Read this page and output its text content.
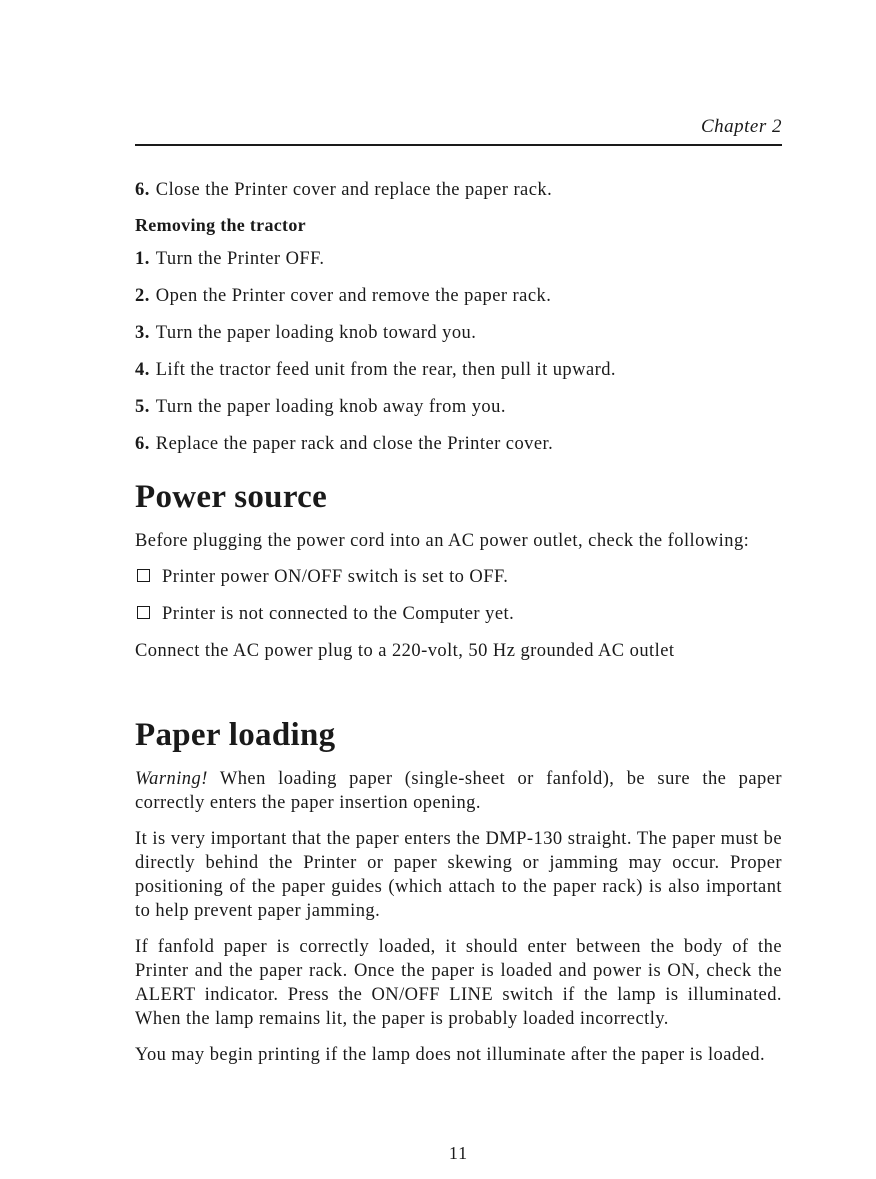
Chapter 2
6. Close the Printer cover and replace the paper rack.
Removing the tractor
1. Turn the Printer OFF.
2. Open the Printer cover and remove the paper rack.
3. Turn the paper loading knob toward you.
4. Lift the tractor feed unit from the rear, then pull it upward.
5. Turn the paper loading knob away from you.
6. Replace the paper rack and close the Printer cover.
Power source

Before plugging the power cord into an AC power outlet, check the following:

Printer power ON/OFF switch is set to OFF.
Printer is not connected to the Computer yet.

Connect the AC power plug to a 220-volt, 50 Hz grounded AC outlet

Paper loading

Warning! When loading paper (single-sheet or fanfold), be sure the paper correctly enters the paper insertion opening.

It is very important that the paper enters the DMP-130 straight. The paper must be directly behind the Printer or paper skewing or jamming may occur. Proper positioning of the paper guides (which attach to the paper rack) is also important to help prevent paper jamming.

If fanfold paper is correctly loaded, it should enter between the body of the Printer and the paper rack. Once the paper is loaded and power is ON, check the ALERT indicator. Press the ON/OFF LINE switch if the lamp is illuminated. When the lamp remains lit, the paper is probably loaded incorrectly.

You may begin printing if the lamp does not illuminate after the paper is loaded.

11
